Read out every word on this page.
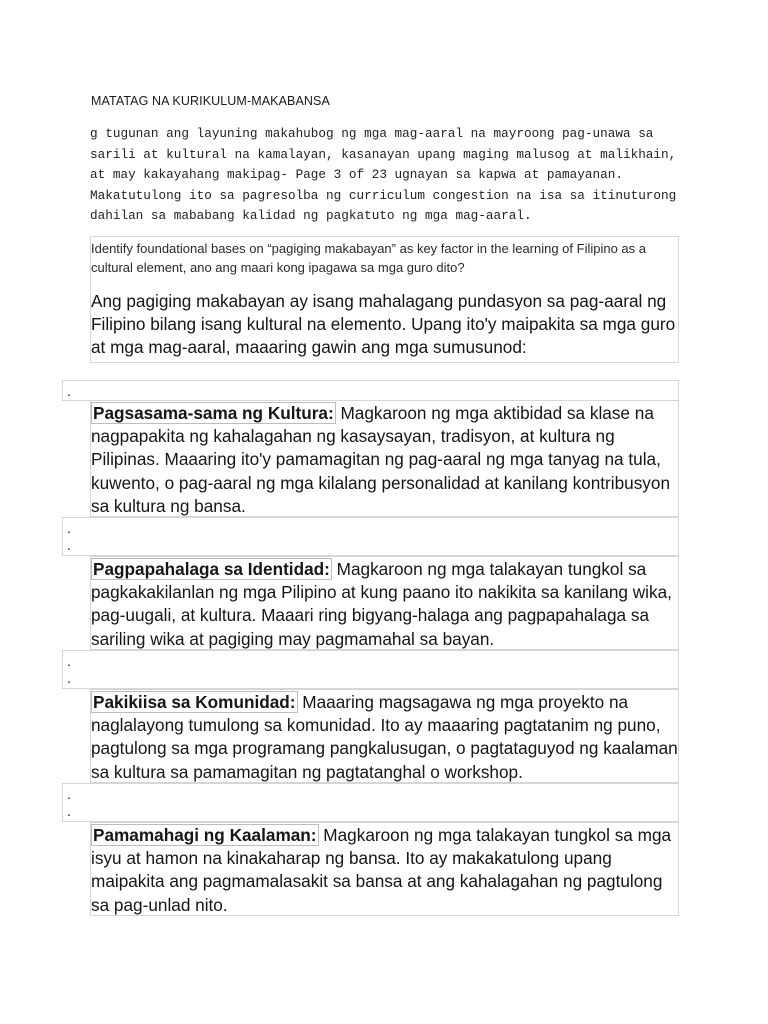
MATATAG NA KURIKULUM-MAKABANSA
g tugunan ang layuning makahubog ng mga mag-aaral na mayroong pag-unawa sa
sarili at kultural na kamalayan, kasanayan upang maging malusog at malikhain,
at may kakayahang makipag- Page 3 of 23 ugnayan sa kapwa at pamayanan.
Makatutulong ito sa pagresolba ng curriculum congestion na isa sa itinuturong
dahilan sa mababang kalidad ng pagkatuto ng mga mag-aaral.

Identify foundational bases on “pagiging makabayan” as key factor in the learning of Filipino as a cultural element, ano ang maari kong ipagawa sa mga guro dito?

Ang pagiging makabayan ay isang mahalagang pundasyon sa pag-aaral ng Filipino bilang isang kultural na elemento. Upang ito'y maipakita sa mga guro at mga mag-aaral, maaaring gawin ang mga sumusunod:

.

Pagsasama-sama ng Kultura: Magkaroon ng mga aktibidad sa klase na nagpapakita ng kahalagahan ng kasaysayan, tradisyon, at kultura ng Pilipinas. Maaaring ito'y pamamagitan ng pag-aaral ng mga tanyag na tula, kuwento, o pag-aaral ng mga kilalang personalidad at kanilang kontribusyon sa kultura ng bansa.

.
.

Pagpapahalaga sa Identidad: Magkaroon ng mga talakayan tungkol sa pagkakakilanlan ng mga Pilipino at kung paano ito nakikita sa kanilang wika, pag-uugali, at kultura. Maaari ring bigyang-halaga ang pagpapahalaga sa sariling wika at pagiging may pagmamahal sa bayan.

.
.

Pakikiisa sa Komunidad: Maaaring magsagawa ng mga proyekto na naglalayong tumulong sa komunidad. Ito ay maaaring pagtatanim ng puno, pagtulong sa mga programang pangkalusugan, o pagtataguyod ng kaalaman sa kultura sa pamamagitan ng pagtatanghal o workshop.

.
.

Pamamahagi ng Kaalaman: Magkaroon ng mga talakayan tungkol sa mga isyu at hamon na kinakaharap ng bansa. Ito ay makakatulong upang maipakita ang pagmamalasakit sa bansa at ang kahalagahan ng pagtulong sa pag-unlad nito.
